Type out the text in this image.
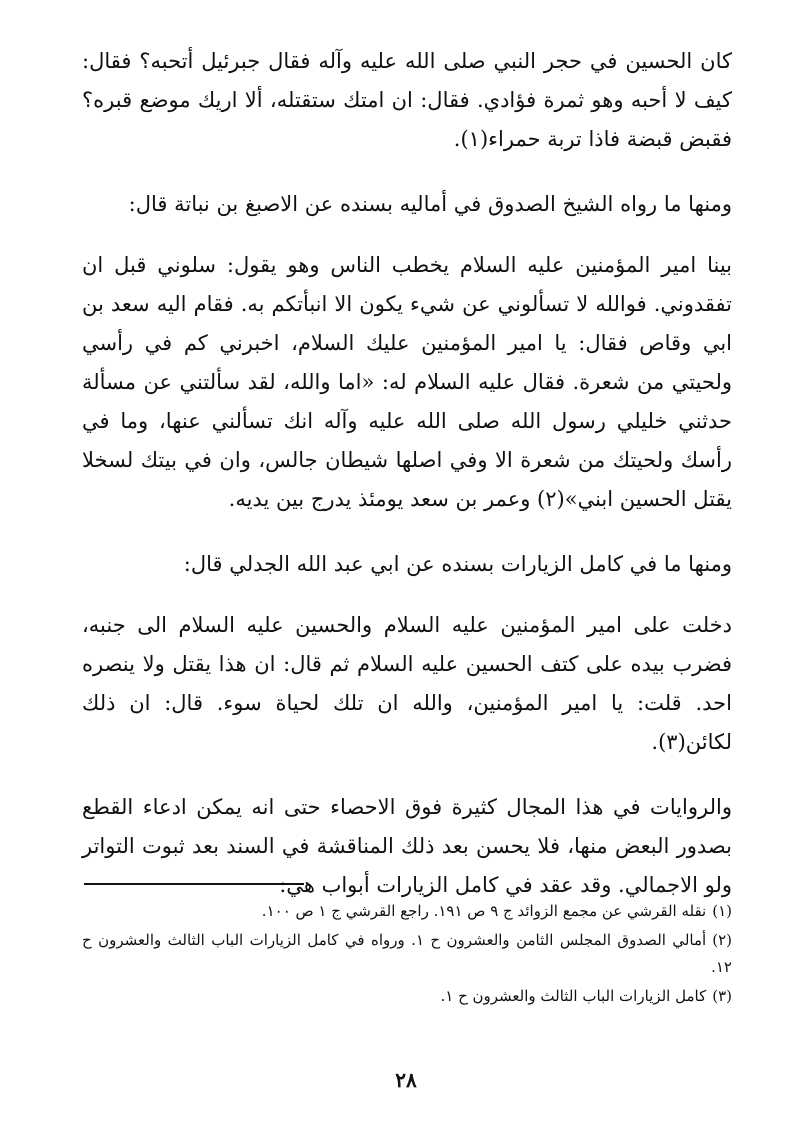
كان الحسين في حجر النبي صلى الله عليه وآله فقال جبرئيل أتحبه؟ فقال: كيف لا أحبه وهو ثمرة فؤادي. فقال: ان امتك ستقتله، ألا اريك موضع قبره؟ فقبض قبضة فاذا تربة حمراء(١).

ومنها ما رواه الشيخ الصدوق في أماليه بسنده عن الاصبغ بن نباتة قال:

بينا امير المؤمنين عليه السلام يخطب الناس وهو يقول: سلوني قبل ان تفقدوني. فوالله لا تسألوني عن شيء يكون الا انبأتكم به. فقام اليه سعد بن ابي وقاص فقال: يا امير المؤمنين عليك السلام، اخبرني كم في رأسي ولحيتي من شعرة. فقال عليه السلام له: «اما والله، لقد سألتني عن مسألة حدثني خليلي رسول الله صلى الله عليه وآله انك تسألني عنها، وما في رأسك ولحيتك من شعرة الا وفي اصلها شيطان جالس، وان في بيتك لسخلا يقتل الحسين ابني»(٢) وعمر بن سعد يومئذ يدرج بين يديه.

ومنها ما في كامل الزيارات بسنده عن ابي عبد الله الجدلي قال:

دخلت على امير المؤمنين عليه السلام والحسين عليه السلام الى جنبه، فضرب بيده على كتف الحسين عليه السلام ثم قال: ان هذا يقتل ولا ينصره احد. قلت: يا امير المؤمنين، والله ان تلك لحياة سوء. قال: ان ذلك لكائن(٣).

والروايات في هذا المجال كثيرة فوق الاحصاء حتى انه يمكن ادعاء القطع بصدور البعض منها، فلا يحسن بعد ذلك المناقشة في السند بعد ثبوت التواتر ولو الاجمالي. وقد عقد في كامل الزيارات أبواب هي:

(١)نقله القرشي عن مجمع الزوائد ج ٩ ص ١٩١. راجع القرشي ج ١ ص ١٠٠.

(٢)أمالي الصدوق المجلس الثامن والعشرون ح ١. ورواه في كامل الزيارات الباب الثالث والعشرون ح ١٢.

(٣)كامل الزيارات الباب الثالث والعشرون ح ١.

٢٨
